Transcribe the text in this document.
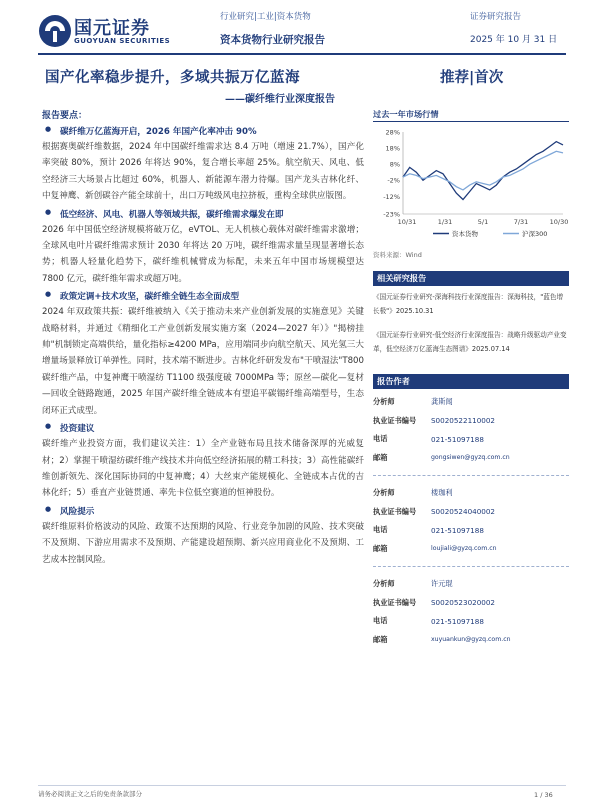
国元证券
GUOYUAN SECURITIES
行业研究|工业|资本货物	证券研究报告
资本货物行业研究报告	2025 年 10 月 31 日
国产化率稳步提升，多域共振万亿蓝海
——碳纤维行业深度报告
推荐|首次
报告要点：
● 碳纤维万亿蓝海开启，2026 年国产化率冲击 90%
根据赛奥碳纤维数据，2024 年中国碳纤维需求达 8.4 万吨（增速 21.7%），国产化率突破 80%，预计 2026 年将达 90%，复合增长率超 25%。航空航天、风电、低空经济三大场景占比超过 60%，机器人、新能源车潜力待爆。国产龙头吉林化纤、中复神鹰、新创碳谷产能全球前十，出口万吨级风电拉挤板，重构全球供应版图。
● 低空经济、风电、机器人等领域共振，碳纤维需求爆发在即
2026 年中国低空经济规模将破万亿，eVTOL、无人机核心载体对碳纤维需求激增；全球风电叶片碳纤维需求预计 2030 年将达 20 万吨，碳纤维需求量呈现显著增长态势；机器人轻量化趋势下，碳纤维机械臂成为标配，未来五年中国市场规模望达 7800 亿元，碳纤维年需求或超万吨。
● 政策定调+技术攻坚，碳纤维全链生态全面成型
2024 年双政策共振：碳纤维被纳入《关于推动未来产业创新发展的实施意见》关键战略材料，并通过《精细化工产业创新发展实施方案（2024—2027 年）》"揭榜挂帅"机制锁定高端供给，量化指标≥4200 MPa，应用端同步向航空航天、风光氢三大增量场景释放订单弹性。同时，技术端不断进步。吉林化纤研发发布"干喷湿法"T800 碳纤维产品，中复神鹰干喷湿纺 T1100 级强度破 7000MPa 等；原丝—碳化—复材—回收全链路跑通，2025 年国产碳纤维全链成本有望追平碳锡纤维高端型号，生态闭环正式成型。
● 投资建议
碳纤维产业投资方面，我们建议关注：1）全产业链布局且技术储备深厚的光威复材；2）掌握干喷湿纺碳纤维产线技术并向低空经济拓展的精工科技；3）高性能碳纤维创新领先、深化国际协同的中复神鹰；4）大丝束产能规模化、全链成本占优的吉林化纤；5）垂直产业链贯通、率先卡位低空赛道的恒神股份。
● 风险提示
碳纤维原料价格波动的风险、政策不达预期的风险、行业竞争加剧的风险、技术突破不及预期、下游应用需求不及预期、产能建设超预期、新兴应用商业化不及预期、工艺成本控制风险。
过去一年市场行情
28%
18%
8%
-2%
-12%
-23%
10/31	1/31	5/1	7/31	10/30
资本货物	沪深300
资料来源：Wind
相关研究报告
《国元证券行业研究-深海科技行业深度报告：深海科技，"蓝色增长极"》2025.10.31
《国元证券行业研究-低空经济行业深度报告：战略升级驱动产业变革，低空经济万亿蓝海生态图谱》2025.07.14
报告作者
分析师	龚斯闻
执业证书编号	S0020522110002
电话	021-51097188
邮箱	gongsiwen@gyzq.com.cn
分析师	楼珈利
执业证书编号	S0020524040002
电话	021-51097188
邮箱	loujiali@gyzq.com.cn
分析师	许元琨
执业证书编号	S0020523020002
电话	021-51097188
邮箱	xuyuankun@gyzq.com.cn
请务必阅读正文之后的免责条款部分	1 / 36
